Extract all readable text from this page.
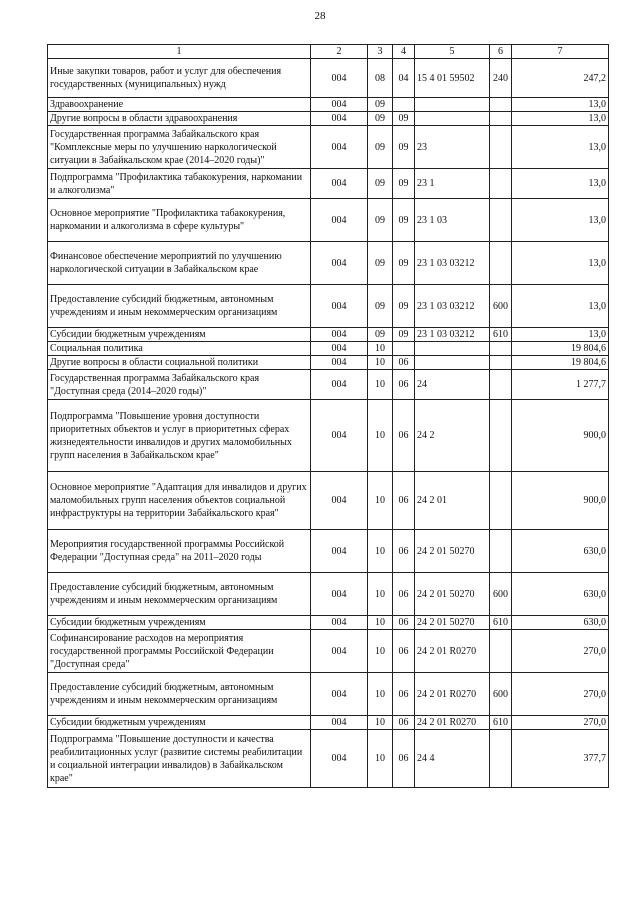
28
1	2	3	4	5	6	7
Иные закупки товаров, работ и услуг для обеспечения государственных (муниципальных) нужд	004	08	04	15 4 01 59502	240	247,2
Здравоохранение	004	09				13,0
Другие вопросы в области здравоохранения	004	09	09			13,0
Государственная программа Забайкальского края "Комплексные меры по улучшению наркологической ситуации в Забайкальском крае (2014–2020 годы)"	004	09	09	23		13,0
Подпрограмма "Профилактика табакокурения, наркомании и алкоголизма"	004	09	09	23 1		13,0
Основное мероприятие "Профилактика табакокурения, наркомании и алкоголизма в сфере культуры"	004	09	09	23 1 03		13,0
Финансовое обеспечение мероприятий по улучшению наркологической ситуации в Забайкальском крае	004	09	09	23 1 03 03212		13,0
Предоставление субсидий бюджетным, автономным учреждениям и иным некоммерческим организациям	004	09	09	23 1 03 03212	600	13,0
Субсидии бюджетным учреждениям	004	09	09	23 1 03 03212	610	13,0
Социальная политика	004	10				19 804,6
Другие вопросы в области социальной политики	004	10	06			19 804,6
Государственная программа Забайкальского края "Доступная среда (2014–2020 годы)"	004	10	06	24		1 277,7
Подпрограмма "Повышение уровня доступности приоритетных объектов и услуг в приоритетных сферах жизнедеятельности инвалидов и других маломобильных групп населения в Забайкальском крае"	004	10	06	24 2		900,0
Основное мероприятие "Адаптация для инвалидов и других маломобильных групп населения объектов социальной инфраструктуры на территории Забайкальского края"	004	10	06	24 2 01		900,0
Мероприятия государственной программы Российской Федерации "Доступная среда" на 2011–2020 годы	004	10	06	24 2 01 50270		630,0
Предоставление субсидий бюджетным, автономным учреждениям и иным некоммерческим организациям	004	10	06	24 2 01 50270	600	630,0
Субсидии бюджетным учреждениям	004	10	06	24 2 01 50270	610	630,0
Софинансирование расходов на мероприятия государственной программы Российской Федерации "Доступная среда"	004	10	06	24 2 01 R0270		270,0
Предоставление субсидий бюджетным, автономным учреждениям и иным некоммерческим организациям	004	10	06	24 2 01 R0270	600	270,0
Субсидии бюджетным учреждениям	004	10	06	24 2 01 R0270	610	270,0
Подпрограмма "Повышение доступности и качества реабилитационных услуг (развитие системы реабилитации и социальной интеграции инвалидов) в Забайкальском крае"	004	10	06	24 4		377,7
